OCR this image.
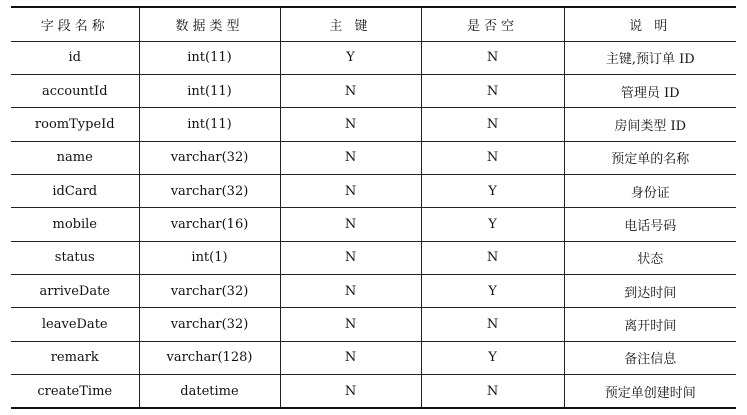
字段名称	数据类型	主 键	是否空	说 明
id	int(11)	Y	N	主键,预订单 ID
accountId	int(11)	N	N	管理员 ID
roomTypeId	int(11)	N	N	房间类型 ID
name	varchar(32)	N	N	预定单的名称
idCard	varchar(32)	N	Y	身份证
mobile	varchar(16)	N	Y	电话号码
status	int(1)	N	N	状态
arriveDate	varchar(32)	N	Y	到达时间
leaveDate	varchar(32)	N	N	离开时间
remark	varchar(128)	N	Y	备注信息
createTime	datetime	N	N	预定单创建时间
